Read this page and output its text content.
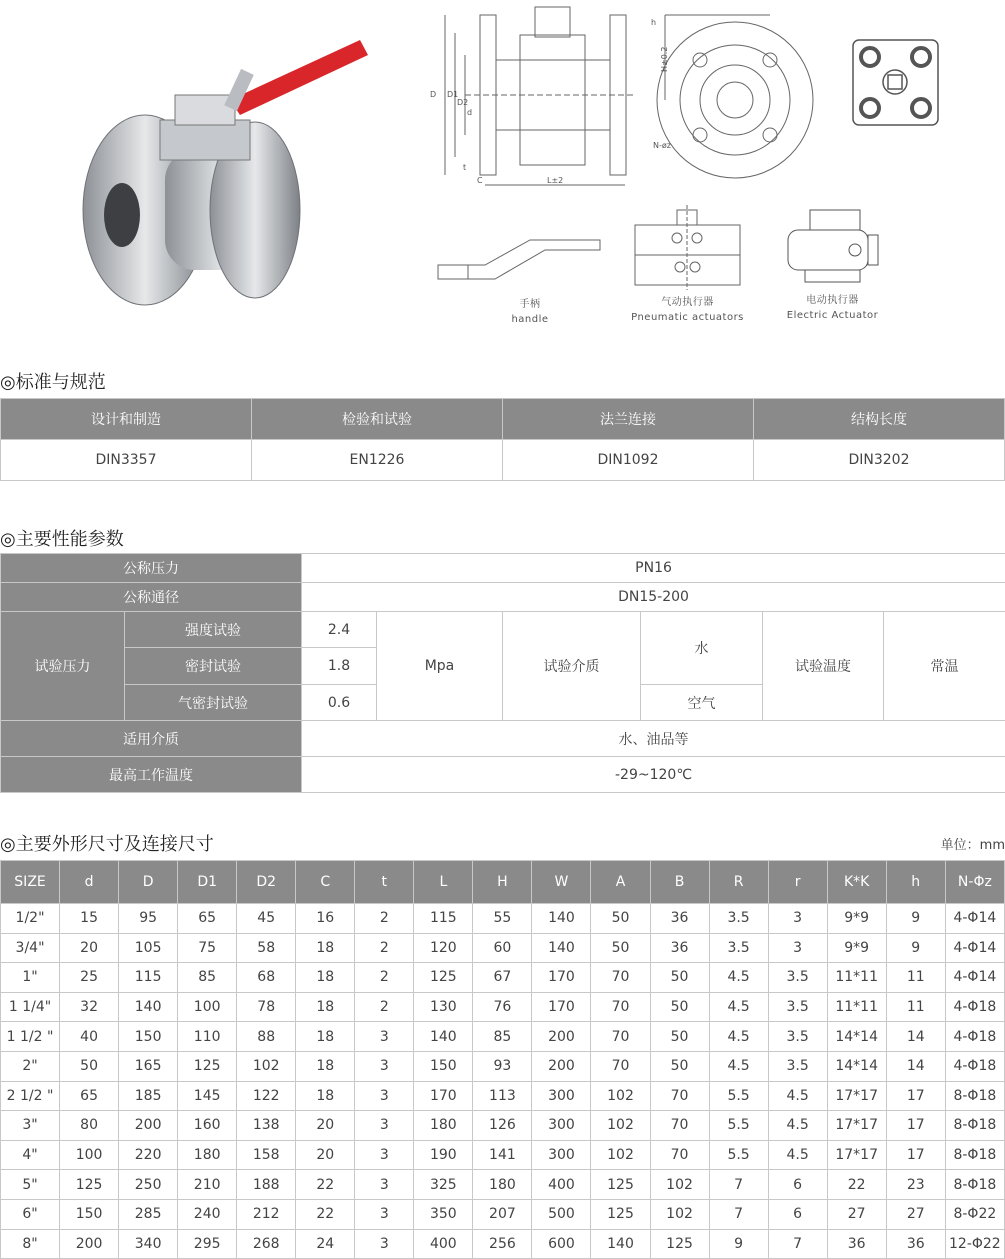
D D1
D2
d
t
C	L±2
H±0.2
h
N-øz
手柄
handle
气动执行器
Pneumatic actuators
电动执行器
Electric Actuator
◎标准与规范
设计和制造	检验和试验	法兰连接	结构长度
DIN3357	EN1226	DIN1092	DIN3202
◎主要性能参数
公称压力		PN16					
公称通径		DN15-200					
试验压力	强度试验	2.4	Mpa	试验介质	水	试验温度	常温
	密封试验	1.8					
	气密封试验	0.6			空气		
适用介质		水、油品等					
最高工作温度		-29~120℃					
◎主要外形尺寸及连接尺寸	单位：mm
SIZE	d	D	D1	D2	C	t	L	H	W	A	B	R	r	K*K	h	N-Φz
1/2"	15	95	65	45	16	2	115	55	140	50	36	3.5	3	9*9	9	4-Φ14
3/4"	20	105	75	58	18	2	120	60	140	50	36	3.5	3	9*9	9	4-Φ14
1"	25	115	85	68	18	2	125	67	170	70	50	4.5	3.5	11*11	11	4-Φ14
1 1/4"	32	140	100	78	18	2	130	76	170	70	50	4.5	3.5	11*11	11	4-Φ18
1 1/2 "	40	150	110	88	18	3	140	85	200	70	50	4.5	3.5	14*14	14	4-Φ18
2"	50	165	125	102	18	3	150	93	200	70	50	4.5	3.5	14*14	14	4-Φ18
2 1/2 "	65	185	145	122	18	3	170	113	300	102	70	5.5	4.5	17*17	17	8-Φ18
3"	80	200	160	138	20	3	180	126	300	102	70	5.5	4.5	17*17	17	8-Φ18
4"	100	220	180	158	20	3	190	141	300	102	70	5.5	4.5	17*17	17	8-Φ18
5"	125	250	210	188	22	3	325	180	400	125	102	7	6	22	23	8-Φ18
6"	150	285	240	212	22	3	350	207	500	125	102	7	6	27	27	8-Φ22
8"	200	340	295	268	24	3	400	256	600	140	125	9	7	36	36	12-Φ22
